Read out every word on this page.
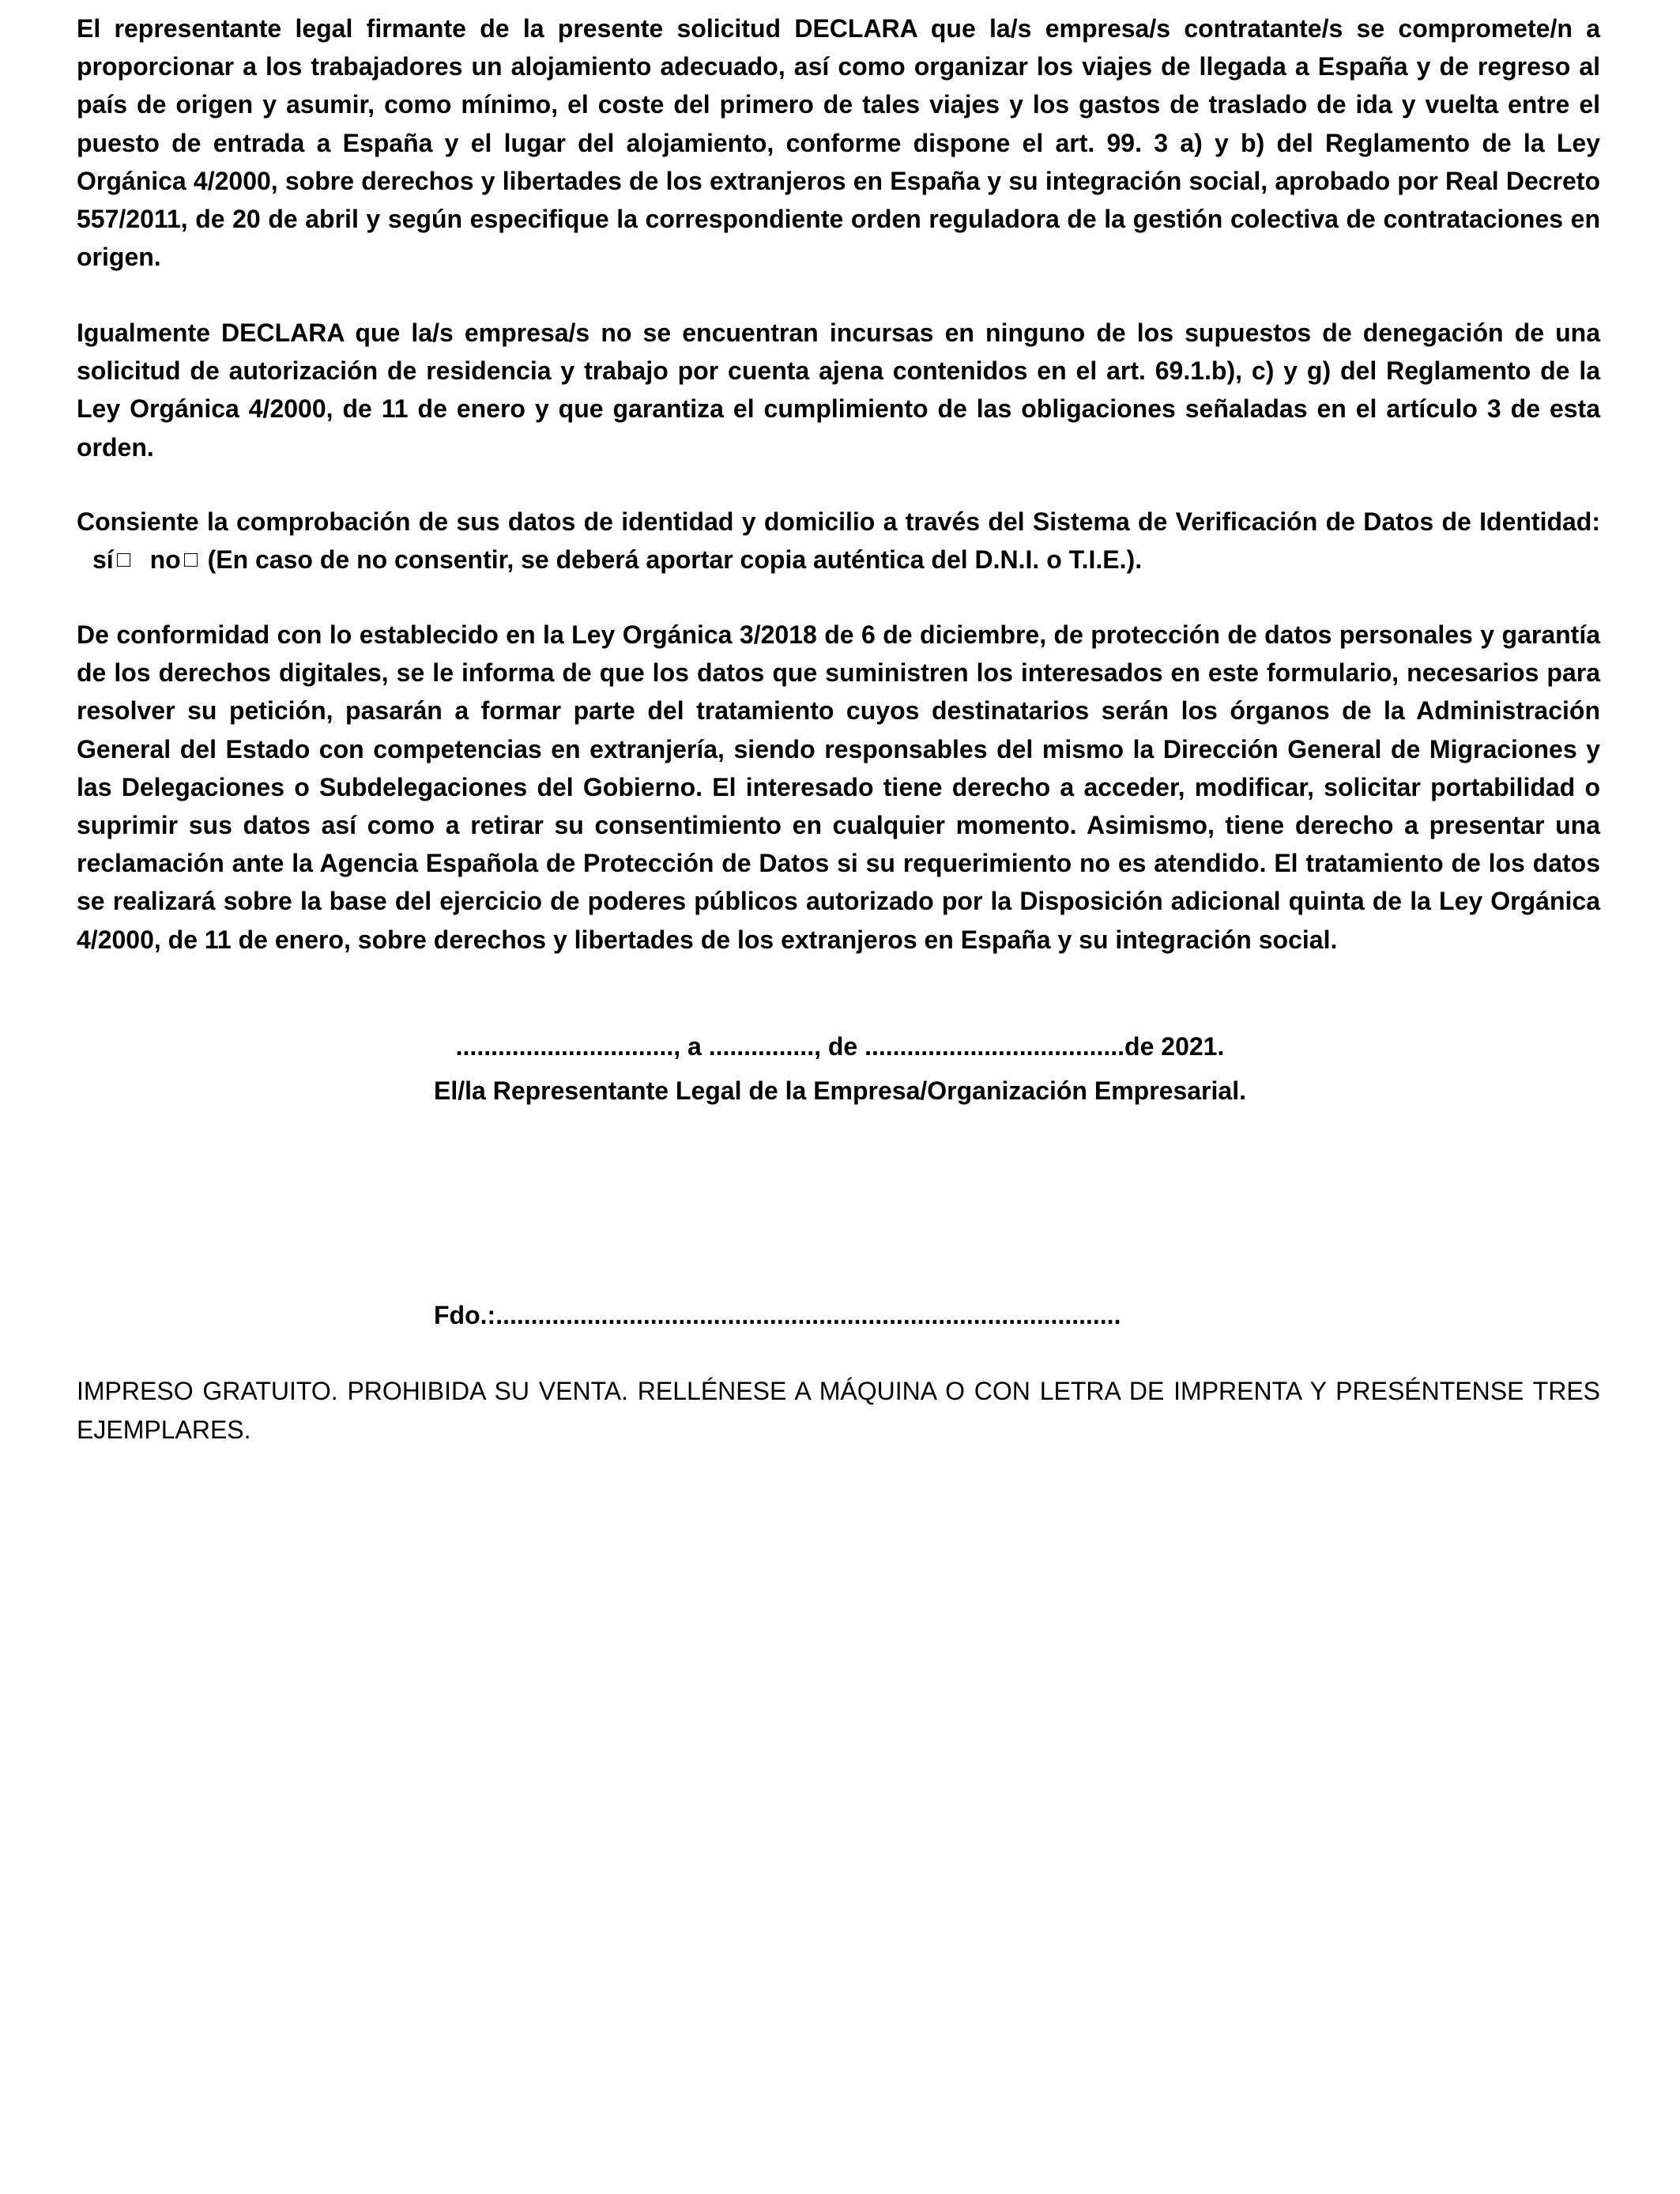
El representante legal firmante de la presente solicitud DECLARA que la/s empresa/s contratante/s se compromete/n a proporcionar a los trabajadores un alojamiento adecuado, así como organizar los viajes de llegada a España y de regreso al país de origen y asumir, como mínimo, el coste del primero de tales viajes y los gastos de traslado de ida y vuelta entre el puesto de entrada a España y el lugar del alojamiento, conforme dispone el art. 99. 3 a) y b) del Reglamento de la Ley Orgánica 4/2000, sobre derechos y libertades de los extranjeros en España y su integración social, aprobado por Real Decreto 557/2011, de 20 de abril y según especifique la correspondiente orden reguladora de la gestión colectiva de contrataciones en origen.

Igualmente DECLARA que la/s empresa/s no se encuentran incursas en ninguno de los supuestos de denegación de una solicitud de autorización de residencia y trabajo por cuenta ajena contenidos en el art. 69.1.b), c) y g) del Reglamento de la Ley Orgánica 4/2000, de 11 de enero y que garantiza el cumplimiento de las obligaciones señaladas en el artículo 3 de esta orden.

Consiente la comprobación de sus datos de identidad y domicilio a través del Sistema de Verificación de Datos de Identidad: sí no (En caso de no consentir, se deberá aportar copia auténtica del D.N.I. o T.I.E.).

De conformidad con lo establecido en la Ley Orgánica 3/2018 de 6 de diciembre, de protección de datos personales y garantía de los derechos digitales, se le informa de que los datos que suministren los interesados en este formulario, necesarios para resolver su petición, pasarán a formar parte del tratamiento cuyos destinatarios serán los órganos de la Administración General del Estado con competencias en extranjería, siendo responsables del mismo la Dirección General de Migraciones y las Delegaciones o Subdelegaciones del Gobierno. El interesado tiene derecho a acceder, modificar, solicitar portabilidad o suprimir sus datos así como a retirar su consentimiento en cualquier momento. Asimismo, tiene derecho a presentar una reclamación ante la Agencia Española de Protección de Datos si su requerimiento no es atendido. El tratamiento de los datos se realizará sobre la base del ejercicio de poderes públicos autorizado por la Disposición adicional quinta de la Ley Orgánica 4/2000, de 11 de enero, sobre derechos y libertades de los extranjeros en España y su integración social.

..............................., a ..............., de .....................................de 2021.
El/la Representante Legal de la Empresa/Organización Empresarial.
Fdo.:.........................................................................................

IMPRESO GRATUITO. PROHIBIDA SU VENTA. RELLÉNESE A MÁQUINA O CON LETRA DE IMPRENTA Y PRESÉNTENSE TRES EJEMPLARES.
